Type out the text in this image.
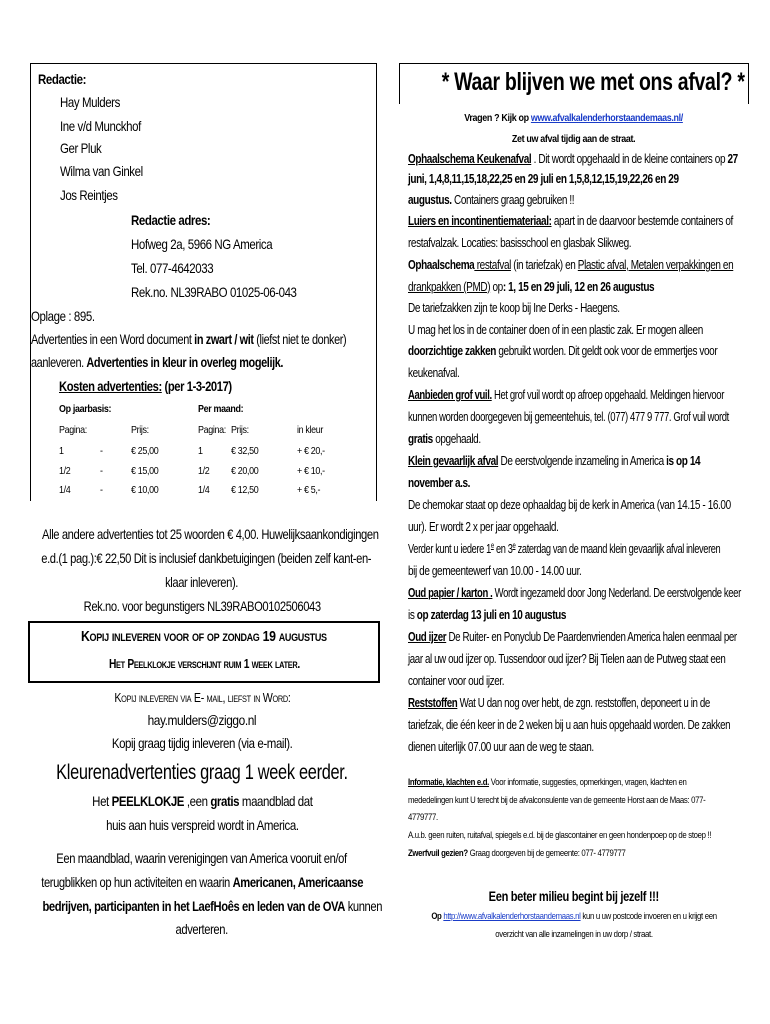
Redactie:
Hay Mulders
Ine v/d Munckhof
Ger Pluk
Wilma van Ginkel
Jos Reintjes
Redactie adres:
Hofweg 2a, 5966 NG America
Tel. 077-4642033
Rek.no. NL39RABO 01025-06-043
Oplage : 895.
Advertenties in een Word document in zwart / wit (liefst niet te donker)
aanleveren. Advertenties in kleur in overleg mogelijk.
Kosten advertenties: (per 1-3-2017)
Op jaarbasis:	Per maand:
Pagina:	Prijs:	Pagina: Prijs:	in kleur
1	-	€ 25,00	1	€ 32,50	+ € 20,-
1/2	-	€ 15,00	1/2 € 20,00	+ € 10,-
1/4	-	€ 10,00	1/4 € 12,50	+ € 5,-
Alle andere advertenties tot 25 woorden € 4,00. Huwelijksaankondigingen
e.d.(1 pag.):€ 22,50 Dit is inclusief dankbetuigingen (beiden zelf kant-en-
klaar inleveren).
Rek.no. voor begunstigers NL39RABO0102506043
Kopij inleveren voor of op zondag 19 augustus
Het Peelklokje verschijnt ruim 1 week later.
Kopij inleveren via E- mail, liefst in Word:
hay.mulders@ziggo.nl
Kopij graag tijdig inleveren (via e-mail).
Kleurenadvertenties graag 1 week eerder.
Het PEELKLOKJE ,een gratis maandblad dat
huis aan huis verspreid wordt in America.
Een maandblad, waarin verenigingen van America vooruit en/of
terugblikken op hun activiteiten en waarin Americanen, Americaanse
bedrijven, participanten in het LaefHoês en leden van de OVA kunnen
adverteren.
* Waar blijven we met ons afval? *
Vragen ? Kijk op www.afvalkalenderhorstaandemaas.nl/
Zet uw afval tijdig aan de straat.
Ophaalschema Keukenafval . Dit wordt opgehaald in de kleine containers op 27
juni, 1,4,8,11,15,18,22,25 en 29 juli en 1,5,8,12,15,19,22,26 en 29
augustus. Containers graag gebruiken !!
Luiers en incontinentiemateriaal: apart in de daarvoor bestemde containers of
restafvalzak. Locaties: basisschool en glasbak Slikweg.
Ophaalschema restafval (in tariefzak) en Plastic afval, Metalen verpakkingen en
drankpakken (PMD) op: 1, 15 en 29 juli, 12 en 26 augustus
De tariefzakken zijn te koop bij Ine Derks - Haegens.
U mag het los in de container doen of in een plastic zak. Er mogen alleen
doorzichtige zakken gebruikt worden. Dit geldt ook voor de emmertjes voor
keukenafval.
Aanbieden grof vuil. Het grof vuil wordt op afroep opgehaald. Meldingen hiervoor
kunnen worden doorgegeven bij gemeentehuis, tel. (077) 477 9 777. Grof vuil wordt
gratis opgehaald.
Klein gevaarlijk afval De eerstvolgende inzameling in America is op 14
november a.s.
De chemokar staat op deze ophaaldag bij de kerk in America (van 14.15 - 16.00
uur). Er wordt 2 x per jaar opgehaald.
Verder kunt u iedere 1e en 3e zaterdag van de maand klein gevaarlijk afval inleveren
bij de gemeentewerf van 10.00 - 14.00 uur.
Oud papier / karton . Wordt ingezameld door Jong Nederland. De eerstvolgende keer
is op zaterdag 13 juli en 10 augustus
Oud ijzer De Ruiter- en Ponyclub De Paardenvrienden America halen eenmaal per
jaar al uw oud ijzer op. Tussendoor oud ijzer? Bij Tielen aan de Putweg staat een
container voor oud ijzer.
Reststoffen Wat U dan nog over hebt, de zgn. reststoffen, deponeert u in de
tariefzak, die één keer in de 2 weken bij u aan huis opgehaald worden. De zakken
dienen uiterlijk 07.00 uur aan de weg te staan.
Informatie, klachten e.d. Voor informatie, suggesties, opmerkingen, vragen, klachten en
mededelingen kunt U terecht bij de afvalconsulente van de gemeente Horst aan de Maas: 077-
4779777.
A.u.b. geen ruiten, ruitafval, spiegels e.d. bij de glascontainer en geen hondenpoep op de stoep !!
Zwerfvuil gezien? Graag doorgeven bij de gemeente: 077- 4779777
Een beter milieu begint bij jezelf !!!
Op http://www.afvalkalenderhorstaandemaas.nl kun u uw postcode invoeren en u krijgt een
overzicht van alle inzamelingen in uw dorp / straat.
